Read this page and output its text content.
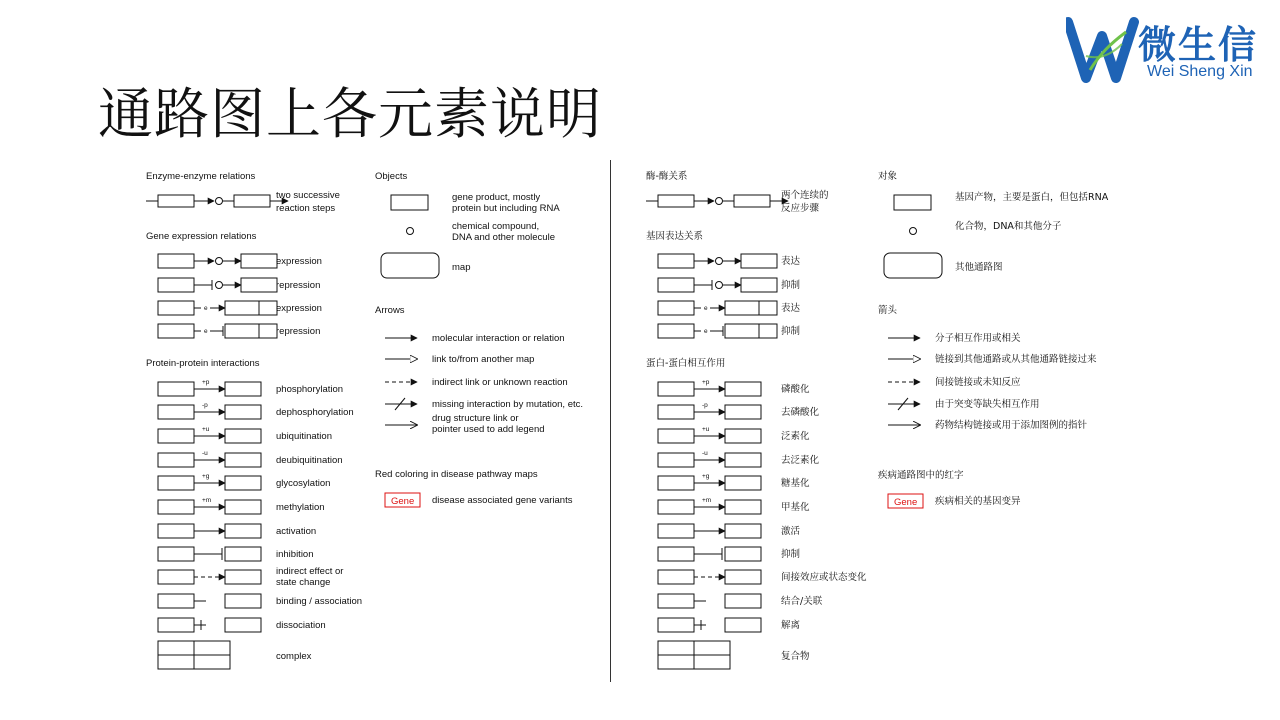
通路图上各元素说明
微生信
Wei Sheng Xin
Enzyme-enzyme relations
two successive
reaction steps
Gene expression relations
expression
repression
e	expression
e	repression
Protein-protein interactions
+p
phosphorylation
-p
dephosphorylation
+u
ubiquitination
-u
deubiquitination
+g
glycosylation
+m
methylation
activation
inhibition
indirect effect or state change
binding / association
dissociation
complex
Objects
gene product, mostly protein but including RNA
chemical compound, DNA and other molecule
map
Arrows
molecular interaction or relation
link to/from another map
indirect link or unknown reaction
missing interaction by mutation, etc.
drug structure link or pointer used to add legend
Red coloring in disease pathway maps
Gene disease associated gene variants
酶-酶关系
两个连续的
反应步骤
基因表达关系
表达
抑制
e	表达
e	抑制
蛋白-蛋白相互作用
+p
磷酸化
-p
去磷酸化
+u
泛素化
-u
去泛素化
+g
糖基化
+m
甲基化
激活
抑制
间接效应或状态变化
结合/关联
解离
复合物
对象
基因产物，主要是蛋白，但包括RNA
化合物，DNA和其他分子
其他通路图
箭头
分子相互作用或相关
链接到其他通路或从其他通路链接过来
间接链接或未知反应
由于突变等缺失相互作用
药物结构链接或用于添加图例的指针
疾病通路图中的红字
Gene 疾病相关的基因变异
